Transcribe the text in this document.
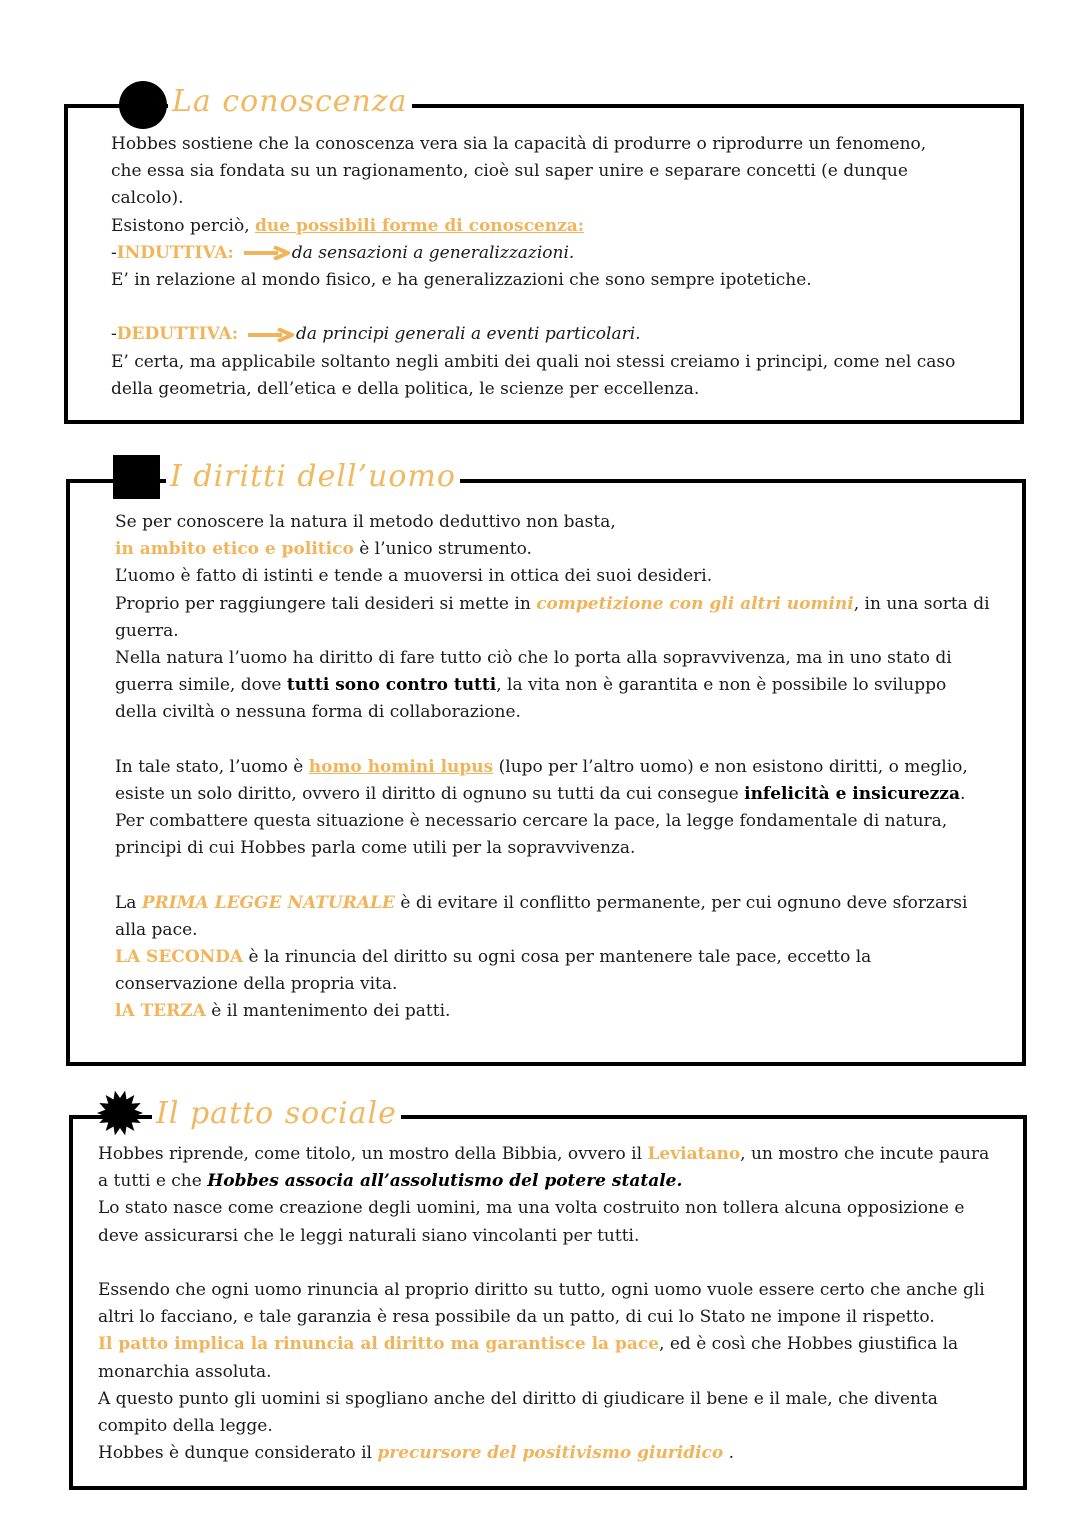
La conoscenza
Hobbes sostiene che la conoscenza vera sia la capacità di produrre o riprodurre un fenomeno,
che essa sia fondata su un ragionamento, cioè sul saper unire e separare concetti (e dunque
calcolo).
Esistono perciò, due possibili forme di conoscenza:
-INDUTTIVA:	da sensazioni a generalizzazioni.
E’ in relazione al mondo fisico, e ha generalizzazioni che sono sempre ipotetiche.
-DEDUTTIVA:	da principi generali a eventi particolari.
E’ certa, ma applicabile soltanto negli ambiti dei quali noi stessi creiamo i principi, come nel caso
della geometria, dell’etica e della politica, le scienze per eccellenza.
I diritti dell’uomo
Se per conoscere la natura il metodo deduttivo non basta,
in ambito etico e politico è l’unico strumento.
L’uomo è fatto di istinti e tende a muoversi in ottica dei suoi desideri.
Proprio per raggiungere tali desideri si mette in competizione con gli altri uomini, in una sorta di
guerra.
Nella natura l’uomo ha diritto di fare tutto ciò che lo porta alla sopravvivenza, ma in uno stato di
guerra simile, dove tutti sono contro tutti, la vita non è garantita e non è possibile lo sviluppo
della civiltà o nessuna forma di collaborazione.
In tale stato, l’uomo è homo homini lupus (lupo per l’altro uomo) e non esistono diritti, o meglio,
esiste un solo diritto, ovvero il diritto di ognuno su tutti da cui consegue infelicità e insicurezza.
Per combattere questa situazione è necessario cercare la pace, la legge fondamentale di natura,
principi di cui Hobbes parla come utili per la sopravvivenza.
La PRIMA LEGGE NATURALE è di evitare il conflitto permanente, per cui ognuno deve sforzarsi
alla pace.
LA SECONDA è la rinuncia del diritto su ogni cosa per mantenere tale pace, eccetto la
conservazione della propria vita.
lA TERZA è il mantenimento dei patti.
Il patto sociale
Hobbes riprende, come titolo, un mostro della Bibbia, ovvero il Leviatano, un mostro che incute paura
a tutti e che Hobbes associa all’assolutismo del potere statale.
Lo stato nasce come creazione degli uomini, ma una volta costruito non tollera alcuna opposizione e
deve assicurarsi che le leggi naturali siano vincolanti per tutti.
Essendo che ogni uomo rinuncia al proprio diritto su tutto, ogni uomo vuole essere certo che anche gli
altri lo facciano, e tale garanzia è resa possibile da un patto, di cui lo Stato ne impone il rispetto.
Il patto implica la rinuncia al diritto ma garantisce la pace, ed è così che Hobbes giustifica la
monarchia assoluta.
A questo punto gli uomini si spogliano anche del diritto di giudicare il bene e il male, che diventa
compito della legge.
Hobbes è dunque considerato il precursore del positivismo giuridico .
